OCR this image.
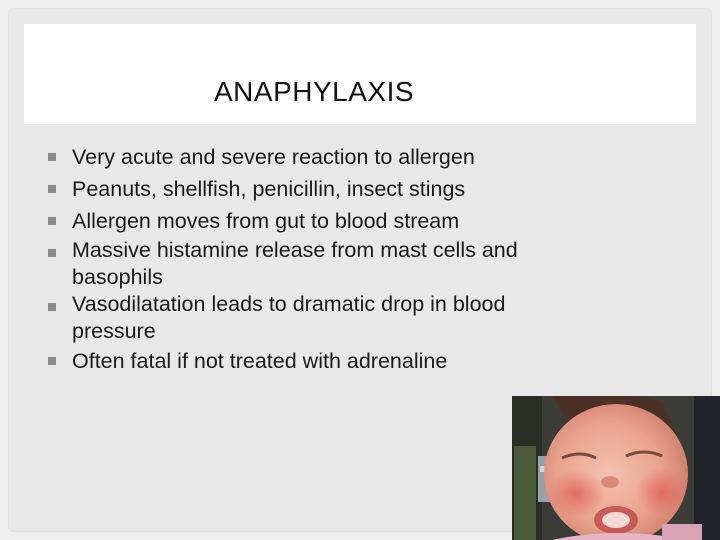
ANAPHYLAXIS
Very acute and severe reaction to allergen
Peanuts, shellfish, penicillin, insect stings
Allergen moves from gut to blood stream
Massive histamine release from mast cells and
basophils
Vasodilatation leads to dramatic drop in blood
pressure
Often fatal if not treated with adrenaline
